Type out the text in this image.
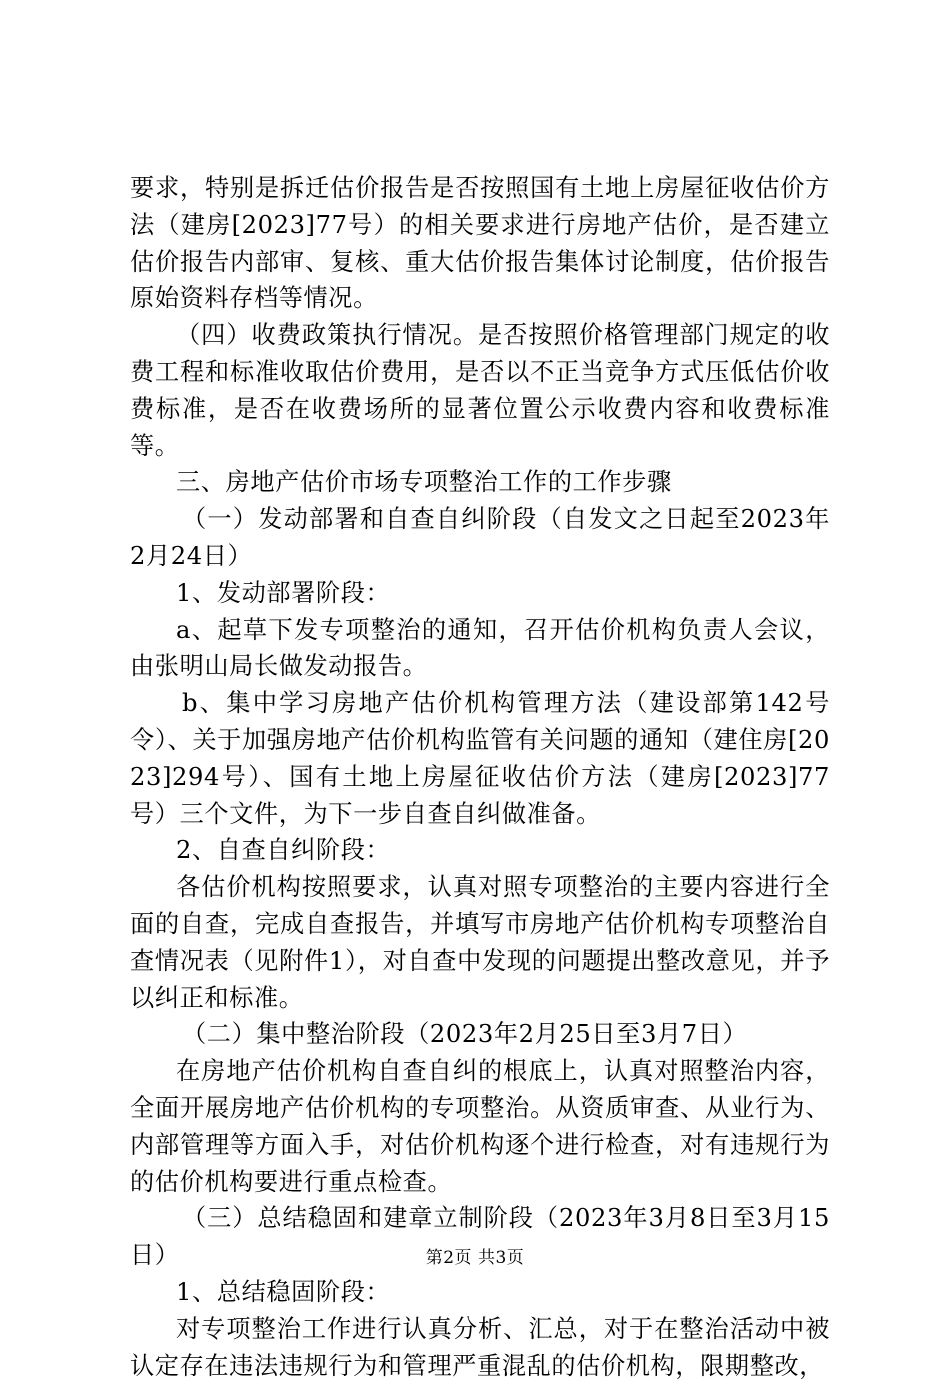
要求，特别是拆迁估价报告是否按照国有土地上房屋征收估价方法（建房[2023]77号）的相关要求进行房地产估价，是否建立估价报告内部审、复核、重大估价报告集体讨论制度，估价报告原始资料存档等情况。

（四）收费政策执行情况。是否按照价格管理部门规定的收费工程和标准收取估价费用，是否以不正当竞争方式压低估价收费标准，是否在收费场所的显著位置公示收费内容和收费标准等。

三、房地产估价市场专项整治工作的工作步骤

（一）发动部署和自查自纠阶段（自发文之日起至2023年2月24日）

1、发动部署阶段：

a、起草下发专项整治的通知，召开估价机构负责人会议，由张明山局长做发动报告。

b、集中学习房地产估价机构管理方法（建设部第142号令）、关于加强房地产估价机构监管有关问题的通知（建住房[2023]294号）、国有土地上房屋征收估价方法（建房[2023]77号）三个文件，为下一步自查自纠做准备。

2、自查自纠阶段：

各估价机构按照要求，认真对照专项整治的主要内容进行全面的自查，完成自查报告，并填写市房地产估价机构专项整治自查情况表（见附件1），对自查中发现的问题提出整改意见，并予以纠正和标准。

（二）集中整治阶段（2023年2月25日至3月7日）

在房地产估价机构自查自纠的根底上，认真对照整治内容，全面开展房地产估价机构的专项整治。从资质审查、从业行为、内部管理等方面入手，对估价机构逐个进行检查，对有违规行为的估价机构要进行重点检查。

（三）总结稳固和建章立制阶段（2023年3月8日至3月15日）

1、总结稳固阶段：

对专项整治工作进行认真分析、汇总，对于在整治活动中被认定存在违法违规行为和管理严重混乱的估价机构，限期整改，

第2页 共3页
